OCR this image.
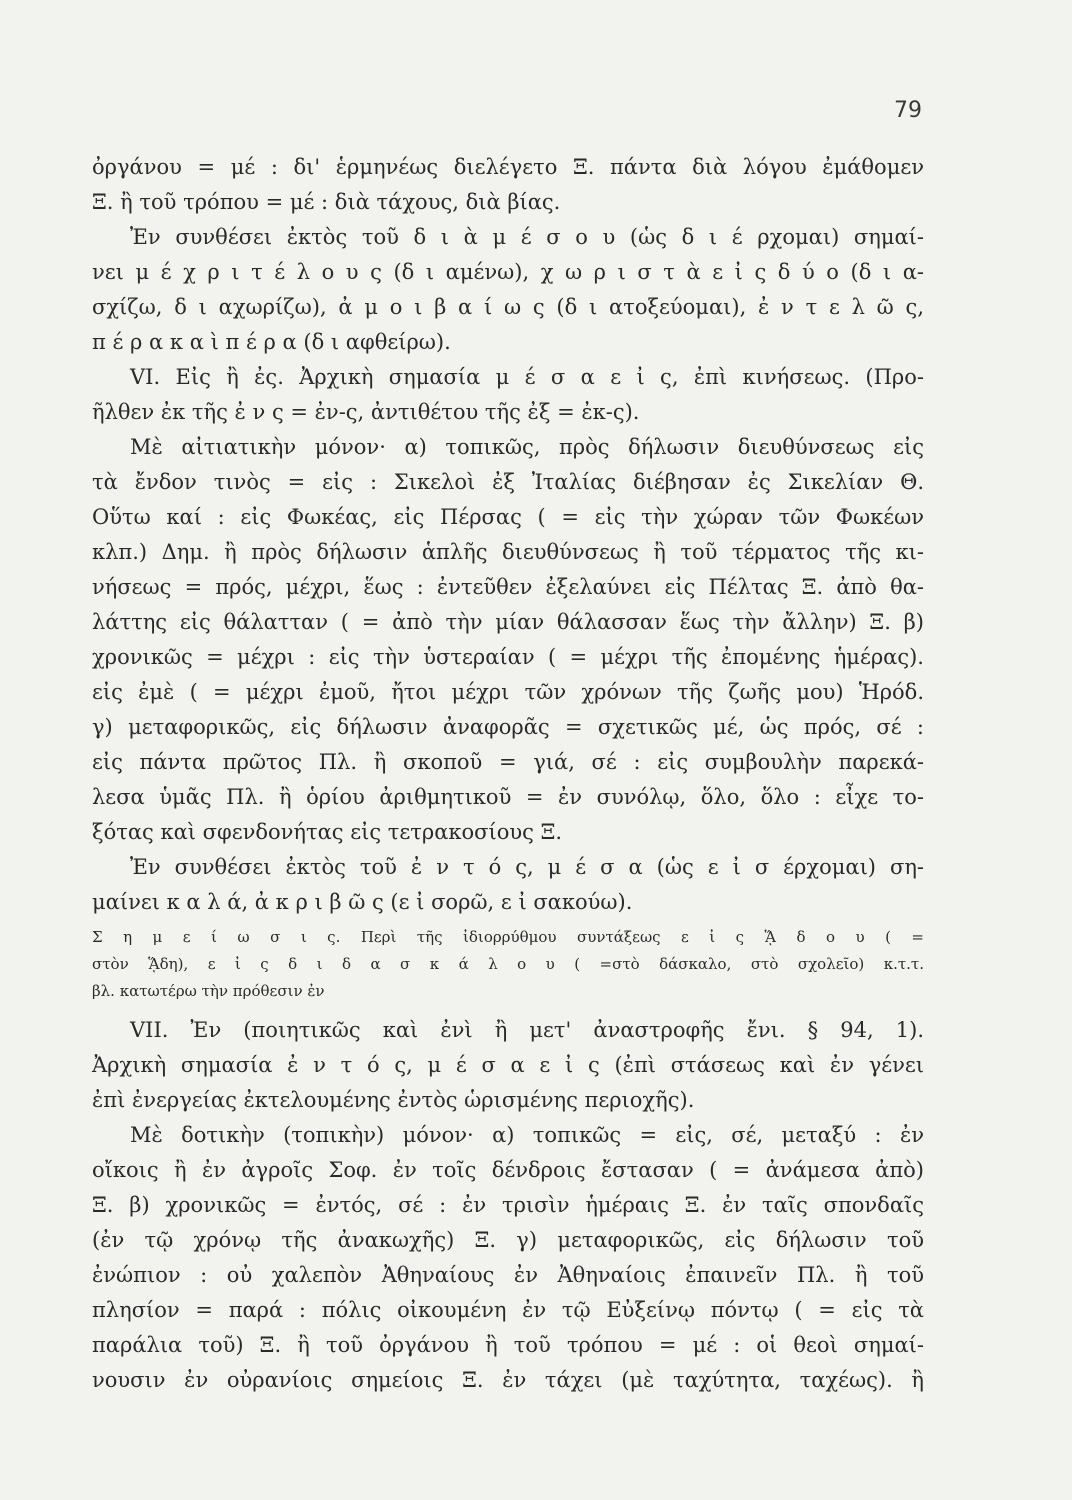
79
ὀργάνου = μέ : δι' ἑρμηνέως διελέγετο Ξ. πάντα διὰ λόγου ἐμάθομεν
Ξ. ἢ τοῦ τρόπου = μέ : διὰ τάχους, διὰ βίας.
Ἐν συνθέσει ἐκτὸς τοῦ δ ι ὰ μ έ σ ο υ (ὡς δ ι έ ρχομαι) σημαί-
νει μ έ χ ρ ι τ έ λ ο υ ς (δ ι αμένω), χ ω ρ ι σ τ ὰ ε ἰ ς δ ύ ο (δ ι α-
σχίζω, δ ι αχωρίζω), ἀ μ ο ι β α ί ω ς (δ ι ατοξεύομαι), ἐ ν τ ε λ ῶ ς,
π έ ρ α κ α ὶ π έ ρ α (δ ι αφθείρω).
VI. Εἰς ἢ ἐς. Ἀρχικὴ σημασία μ έ σ α ε ἰ ς, ἐπὶ κινήσεως. (Προ-
ῆλθεν ἐκ τῆς ἐ ν ς = ἐν-ς, ἀντιθέτου τῆς ἐξ = ἐκ-ς).
Μὲ αἰτιατικὴν μόνον· α) τοπικῶς, πρὸς δήλωσιν διευθύνσεως εἰς
τὰ ἔνδον τινὸς = εἰς : Σικελοὶ ἐξ Ἰταλίας διέβησαν ἐς Σικελίαν Θ.
Οὕτω καί : εἰς Φωκέας, εἰς Πέρσας ( = εἰς τὴν χώραν τῶν Φωκέων
κλπ.) Δημ. ἢ πρὸς δήλωσιν ἁπλῆς διευθύνσεως ἢ τοῦ τέρματος τῆς κι-
νήσεως = πρός, μέχρι, ἕως : ἐντεῦθεν ἐξελαύνει εἰς Πέλτας Ξ. ἀπὸ θα-
λάττης εἰς θάλατταν ( = ἀπὸ τὴν μίαν θάλασσαν ἕως τὴν ἄλλην) Ξ. β)
χρονικῶς = μέχρι : εἰς τὴν ὑστεραίαν ( = μέχρι τῆς ἐπομένης ἡμέρας).
εἰς ἐμὲ ( = μέχρι ἐμοῦ, ἤτοι μέχρι τῶν χρόνων τῆς ζωῆς μου) Ἡρόδ.
γ) μεταφορικῶς, εἰς δήλωσιν ἀναφορᾶς = σχετικῶς μέ, ὡς πρός, σέ :
εἰς πάντα πρῶτος Πλ. ἢ σκοποῦ = γιά, σέ : εἰς συμβουλὴν παρεκά-
λεσα ὑμᾶς Πλ. ἢ ὁρίου ἀριθμητικοῦ = ἐν συνόλῳ, ὅλο, ὅλο : εἶχε το-
ξότας καὶ σφενδονήτας εἰς τετρακοσίους Ξ.
Ἐν συνθέσει ἐκτὸς τοῦ ἐ ν τ ό ς, μ έ σ α (ὡς ε ἰ σ έρχομαι) ση-
μαίνει κ α λ ά, ἀ κ ρ ι β ῶ ς (ε ἰ σορῶ, ε ἰ σακούω).
Σ η μ ε ί ω σ ι ς. Περὶ τῆς ἰδιορρύθμου συντάξεως ε ἰ ς ᾍ δ ο υ ( =
στὸν ᾍδη), ε ἰ ς δ ι δ α σ κ ά λ ο υ ( =στὸ δάσκαλο, στὸ σχολεῖο) κ.τ.τ.
βλ. κατωτέρω τὴν πρόθεσιν ἐν
VII. Ἐν (ποιητικῶς καὶ ἐνὶ ἢ μετ' ἀναστροφῆς ἔνι. § 94, 1).
Ἀρχικὴ σημασία ἐ ν τ ό ς, μ έ σ α ε ἰ ς (ἐπὶ στάσεως καὶ ἐν γένει
ἐπὶ ἐνεργείας ἐκτελουμένης ἐντὸς ὡρισμένης περιοχῆς).
Μὲ δοτικὴν (τοπικὴν) μόνον· α) τοπικῶς = εἰς, σέ, μεταξύ : ἐν
οἴκοις ἢ ἐν ἀγροῖς Σοφ. ἐν τοῖς δένδροις ἔστασαν ( = ἀνάμεσα ἀπὸ)
Ξ. β) χρονικῶς = ἐντός, σέ : ἐν τρισὶν ἡμέραις Ξ. ἐν ταῖς σπονδαῖς
(ἐν τῷ χρόνῳ τῆς ἀνακωχῆς) Ξ. γ) μεταφορικῶς, εἰς δήλωσιν τοῦ
ἐνώπιον : οὐ χαλεπὸν Ἀθηναίους ἐν Ἀθηναίοις ἐπαινεῖν Πλ. ἢ τοῦ
πλησίον = παρά : πόλις οἰκουμένη ἐν τῷ Εὐξείνῳ πόντῳ ( = εἰς τὰ
παράλια τοῦ) Ξ. ἢ τοῦ ὀργάνου ἢ τοῦ τρόπου = μέ : οἱ θεοὶ σημαί-
νουσιν ἐν οὐρανίοις σημείοις Ξ. ἐν τάχει (μὲ ταχύτητα, ταχέως). ἢ
